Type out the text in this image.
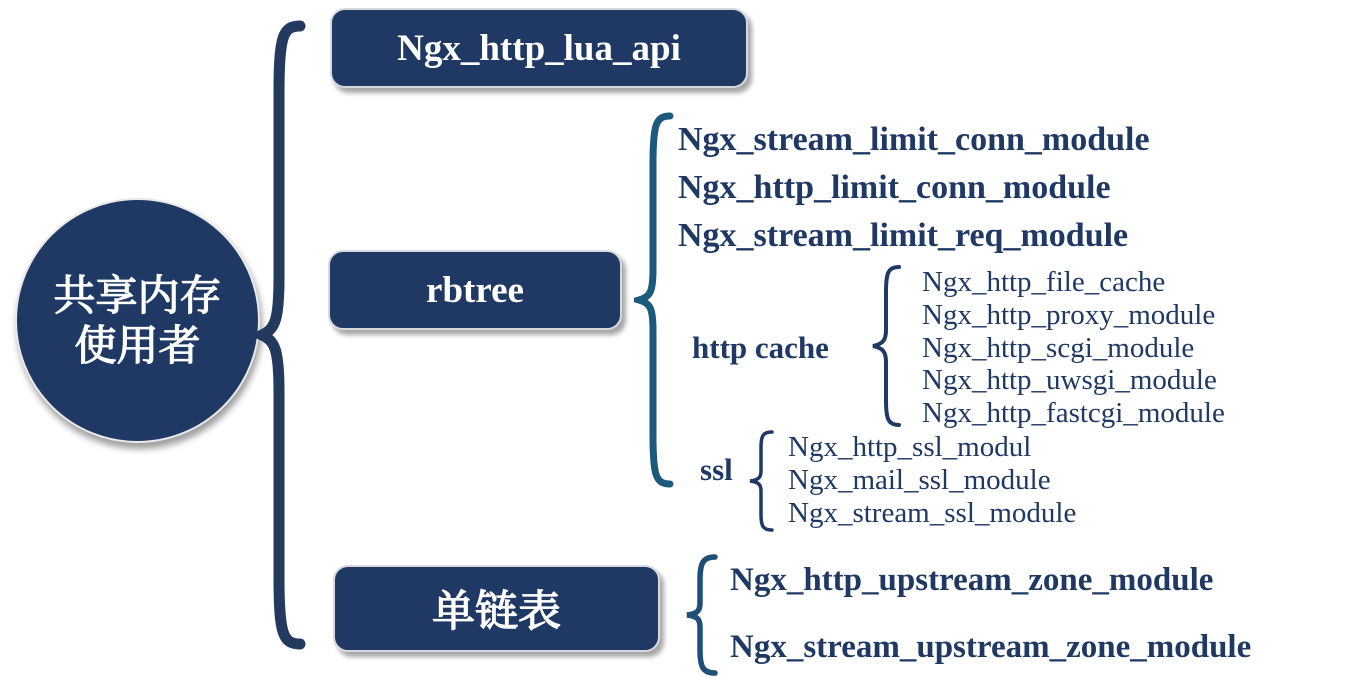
共享内存
使用者
Ngx_http_lua_api
rbtree
Ngx_stream_limit_conn_module
Ngx_http_limit_conn_module
Ngx_stream_limit_req_module
http cache
Ngx_http_file_cache
Ngx_http_proxy_module
Ngx_http_scgi_module
Ngx_http_uwsgi_module
Ngx_http_fastcgi_module
ssl
Ngx_http_ssl_modul
Ngx_mail_ssl_module
Ngx_stream_ssl_module
单链表
Ngx_http_upstream_zone_module
Ngx_stream_upstream_zone_module
